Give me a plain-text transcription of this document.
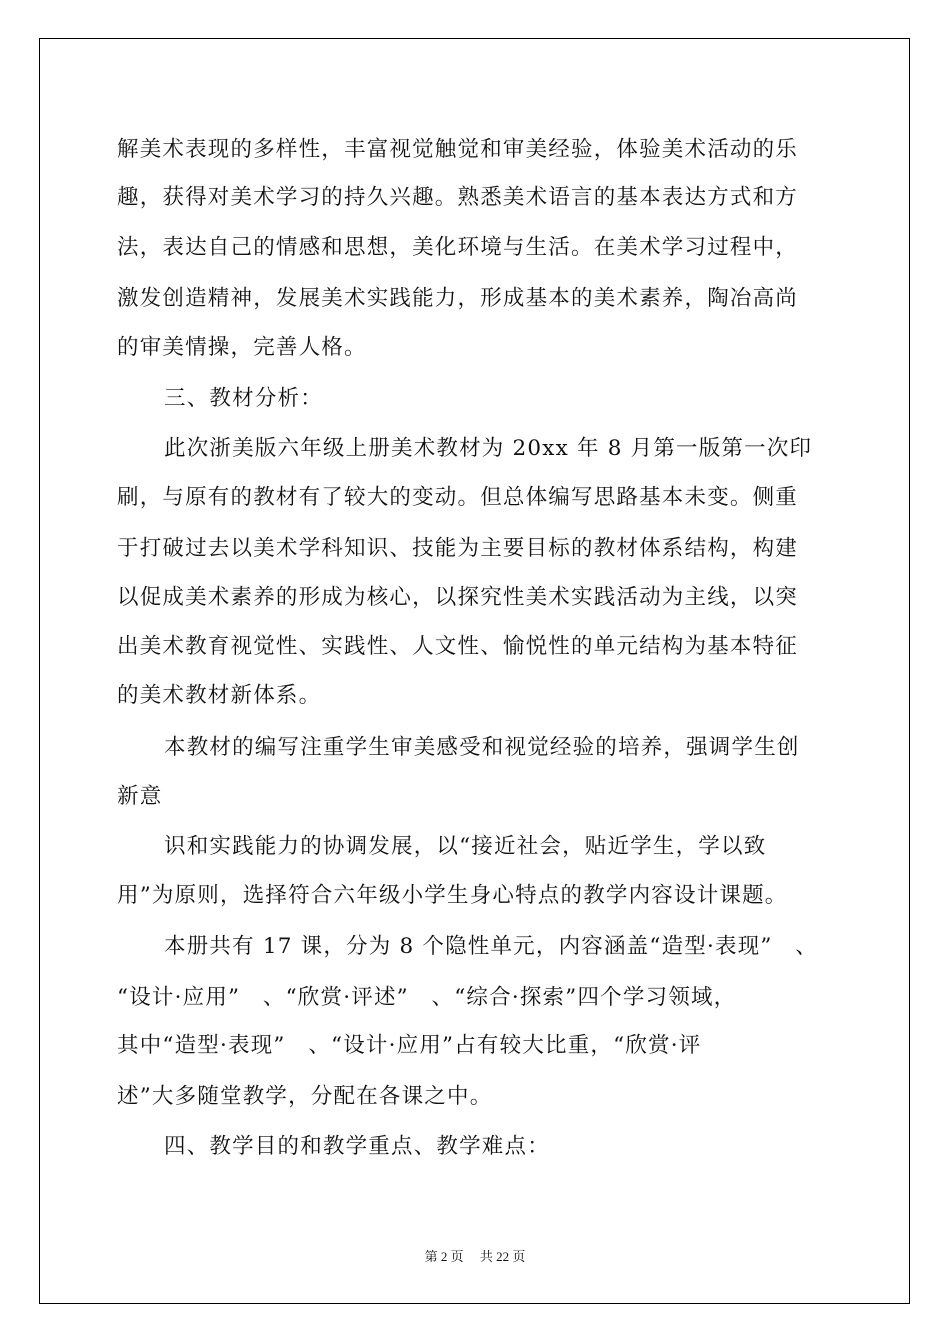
解美术表现的多样性，丰富视觉触觉和审美经验，体验美术活动的乐
趣，获得对美术学习的持久兴趣。熟悉美术语言的基本表达方式和方
法，表达自己的情感和思想，美化环境与生活。在美术学习过程中，
激发创造精神，发展美术实践能力，形成基本的美术素养，陶冶高尚
的审美情操，完善人格。
三、教材分析：
此次浙美版六年级上册美术教材为 20xx 年 8 月第一版第一次印
刷，与原有的教材有了较大的变动。但总体编写思路基本未变。侧重
于打破过去以美术学科知识、技能为主要目标的教材体系结构，构建
以促成美术素养的形成为核心，以探究性美术实践活动为主线，以突
出美术教育视觉性、实践性、人文性、愉悦性的单元结构为基本特征
的美术教材新体系。
本教材的编写注重学生审美感受和视觉经验的培养，强调学生创
新意
识和实践能力的协调发展，以“接近社会，贴近学生，学以致
用”为原则，选择符合六年级小学生身心特点的教学内容设计课题。
本册共有 17 课，分为 8 个隐性单元，内容涵盖“造型·表现”　、
“设计·应用”　、“欣赏·评述”　、“综合·探索”四个学习领域，
其中“造型·表现”　、“设计·应用”占有较大比重，“欣赏·评
述”大多随堂教学，分配在各课之中。
四、教学目的和教学重点、教学难点：
第 2 页 共 22 页
